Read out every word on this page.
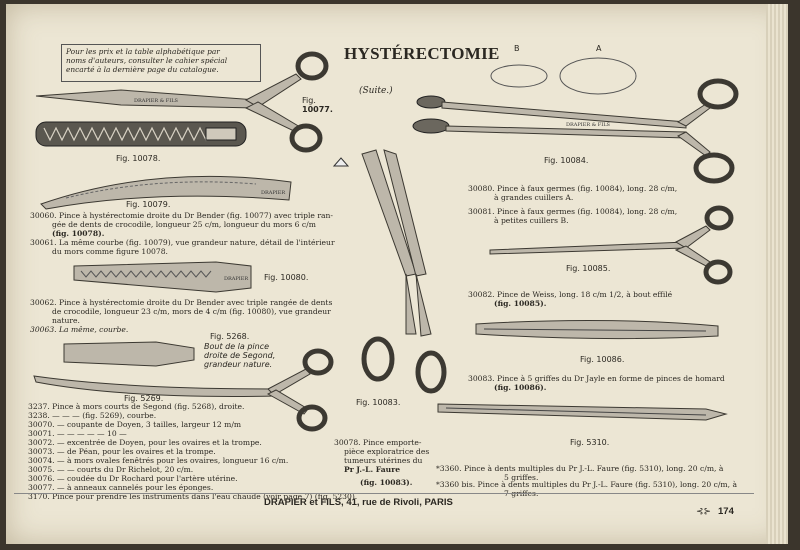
DRAPIER & FILS
DRAPIER
DRAPIER
DRAPIER & FILS
Pour les prix et la table alphabétique par
noms d'auteurs, consulter le cahier spécial
encarté à la dernière page du catalogue.
HYSTÉRECTOMIE
(Suite.)
B	A
Fig.
10077.
Fig. 10078.
Fig. 10079.
Fig. 10080.
Fig. 5268.
Bout de la pince
droite de Segond,
grandeur nature.
Fig. 5269.	Fig. 10083.
Fig. 10084.
Fig. 10085.
Fig. 10086.
Fig. 5310.
30060. Pince à hystérectomie droite du Dr Bender (fig. 10077) avec triple ran-
gée de dents de crocodile, longueur 25 c/m, longueur du mors 6 c/m
(fig. 10078).
30061. La même courbe (fig. 10079), vue grandeur nature, détail de l'intérieur
du mors comme figure 10078.
30062. Pince à hystérectomie droite du Dr Bender avec triple rangée de dents
de crocodile, longueur 23 c/m, mors de 4 c/m (fig. 10080), vue grandeur
nature.
30063. La même, courbe.
3237. Pince à mors courts de Segond (fig. 5268), droite.
3238. — — — (fig. 5269), courbe.
30070. — coupante de Doyen, 3 tailles, largeur 12 m/m
30071. — — — — — 10 —
30072. — excentrée de Doyen, pour les ovaires et la trompe.
30073. — de Péan, pour les ovaires et la trompe.
30074. — à mors ovales fenêtrés pour les ovaires, longueur 16 c/m.
30075. — — courts du Dr Richelot, 20 c/m.
30076. — coudée du Dr Rochard pour l'artère utérine.
30077. — à anneaux cannelés pour les éponges.
3170. Pince pour prendre les instruments dans l'eau chaude (voir page 7) (fig. 5230).
30078. Pince emporte-
pièce exploratrice des
tumeurs utérines du
Pr J.-L. Faure
(fig. 10083).
30080. Pince à faux germes (fig. 10084), long. 28 c/m,
à grandes cuillers A.
30081. Pince à faux germes (fig. 10084), long. 28 c/m,
à petites cuillers B.
30082. Pince de Weiss, long. 18 c/m 1/2, à bout effilé
(fig. 10085).
30083. Pince à 5 griffes du Dr Jayle en forme de pinces de homard
(fig. 10086).
*3360. Pince à dents multiples du Pr J.-L. Faure (fig. 5310), long. 20 c/m, à
5 griffes.
*3360 bis. Pince à dents multiples du Pr J.-L. Faure (fig. 5310), long. 20 c/m, à
7 griffes.
DRAPIER et FILS, 41, rue de Rivoli, PARIS
⊰⊱ 174
